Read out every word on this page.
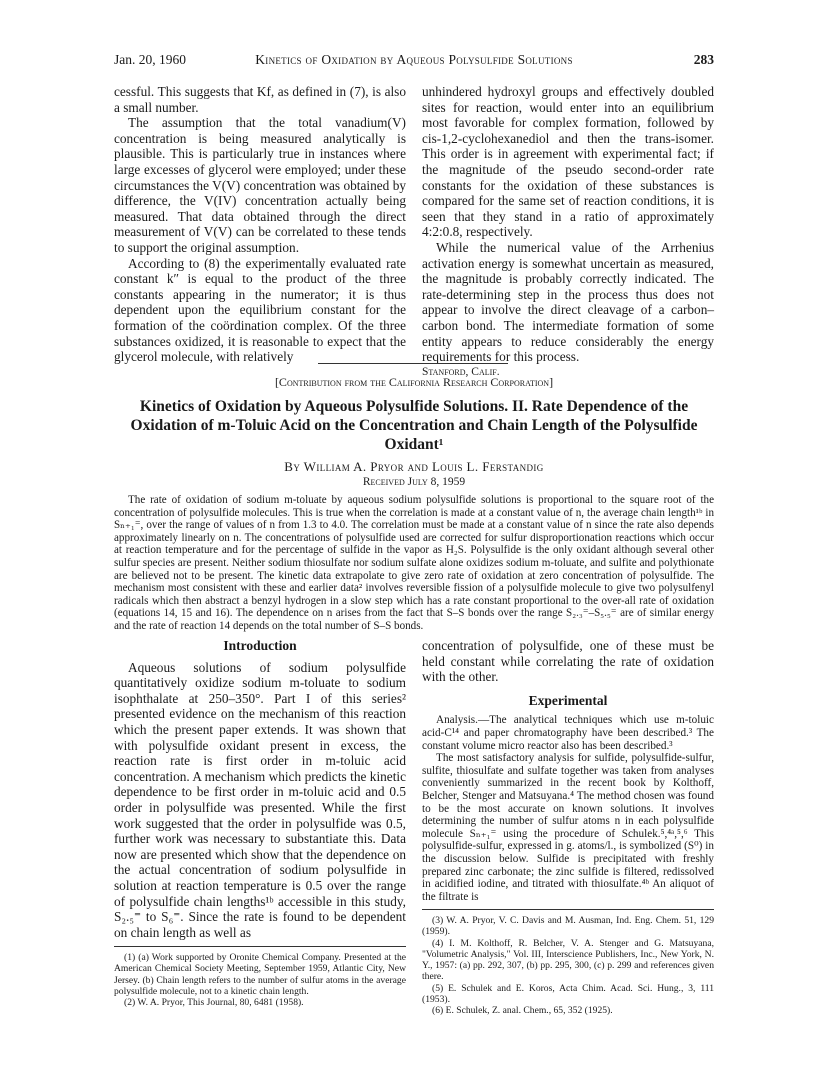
Jan. 20, 1960	Kinetics of Oxidation by Aqueous Polysulfide Solutions	283

cessful. This suggests that Kf, as defined in (7), is also a small number.

The assumption that the total vanadium(V) concentration is being measured analytically is plausible. This is particularly true in instances where large excesses of glycerol were employed; under these circumstances the V(V) concentration was obtained by difference, the V(IV) concentration actually being measured. That data obtained through the direct measurement of V(V) can be correlated to these tends to support the original assumption.

According to (8) the experimentally evaluated rate constant k″ is equal to the product of the three constants appearing in the numerator; it is thus dependent upon the equilibrium constant for the formation of the coördination complex. Of the three substances oxidized, it is reasonable to expect that the glycerol molecule, with relatively

unhindered hydroxyl groups and effectively doubled sites for reaction, would enter into an equilibrium most favorable for complex formation, followed by cis-1,2-cyclohexanediol and then the trans-isomer. This order is in agreement with experimental fact; if the magnitude of the pseudo second-order rate constants for the oxidation of these substances is compared for the same set of reaction conditions, it is seen that they stand in a ratio of approximately 4:2:0.8, respectively.

While the numerical value of the Arrhenius activation energy is somewhat uncertain as measured, the magnitude is probably correctly indicated. The rate-determining step in the process thus does not appear to involve the direct cleavage of a carbon–carbon bond. The intermediate formation of some entity appears to reduce considerably the energy requirements for this process.

Stanford, Calif.
[Contribution from the California Research Corporation]
Kinetics of Oxidation by Aqueous Polysulfide Solutions. II. Rate Dependence of the Oxidation of m-Toluic Acid on the Concentration and Chain Length of the Polysulfide Oxidant¹
By William A. Pryor and Louis L. Ferstandig
Received July 8, 1959

The rate of oxidation of sodium m-toluate by aqueous sodium polysulfide solutions is proportional to the square root of the concentration of polysulfide molecules. This is true when the correlation is made at a constant value of n, the average chain length¹ᵇ in Sₙ₊₁⁼, over the range of values of n from 1.3 to 4.0. The correlation must be made at a constant value of n since the rate also depends approximately linearly on n. The concentrations of polysulfide used are corrected for sulfur disproportionation reactions which occur at reaction temperature and for the percentage of sulfide in the vapor as H₂S. Polysulfide is the only oxidant although several other sulfur species are present. Neither sodium thiosulfate nor sodium sulfate alone oxidizes sodium m-toluate, and sulfite and polythionate are believed not to be present. The kinetic data extrapolate to give zero rate of oxidation at zero concentration of polysulfide. The mechanism most consistent with these and earlier data² involves reversible fission of a polysulfide molecule to give two polysulfenyl radicals which then abstract a benzyl hydrogen in a slow step which has a rate constant proportional to the over-all rate of oxidation (equations 14, 15 and 16). The dependence on n arises from the fact that S–S bonds over the range S₂.₃⁼–S₅.₅⁼ are of similar energy and the rate of reaction 14 depends on the total number of S–S bonds.

Introduction

Aqueous solutions of sodium polysulfide quantitatively oxidize sodium m-toluate to sodium isophthalate at 250–350°. Part I of this series² presented evidence on the mechanism of this reaction which the present paper extends. It was shown that with polysulfide oxidant present in excess, the reaction rate is first order in m-toluic acid concentration. A mechanism which predicts the kinetic dependence to be first order in m-toluic acid and 0.5 order in polysulfide was presented. While the first work suggested that the order in polysulfide was 0.5, further work was necessary to substantiate this. Data now are presented which show that the dependence on the actual concentration of sodium polysulfide in solution at reaction temperature is 0.5 over the range of polysulfide chain lengths¹ᵇ accessible in this study, S₂.₅⁼ to S₆⁼. Since the rate is found to be dependent on chain length as well as

(1) (a) Work supported by Oronite Chemical Company. Presented at the American Chemical Society Meeting, September 1959, Atlantic City, New Jersey. (b) Chain length refers to the number of sulfur atoms in the average polysulfide molecule, not to a kinetic chain length.

(2) W. A. Pryor, This Journal, 80, 6481 (1958).

concentration of polysulfide, one of these must be held constant while correlating the rate of oxidation with the other.

Experimental

Analysis.—The analytical techniques which use m-toluic acid-C¹⁴ and paper chromatography have been described.³ The constant volume micro reactor also has been described.³

The most satisfactory analysis for sulfide, polysulfide-sulfur, sulfite, thiosulfate and sulfate together was taken from analyses conveniently summarized in the recent book by Kolthoff, Belcher, Stenger and Matsuyana.⁴ The method chosen was found to be the most accurate on known solutions. It involves determining the number of sulfur atoms n in each polysulfide molecule Sₙ₊₁⁼ using the procedure of Schulek.⁵,⁴ᵃ,⁵,⁶ This polysulfide-sulfur, expressed in g. atoms/l., is symbolized (S⁰) in the discussion below. Sulfide is precipitated with freshly prepared zinc carbonate; the zinc sulfide is filtered, redissolved in acidified iodine, and titrated with thiosulfate.⁴ᵇ An aliquot of the filtrate is

(3) W. A. Pryor, V. C. Davis and M. Ausman, Ind. Eng. Chem. 51, 129 (1959).

(4) I. M. Kolthoff, R. Belcher, V. A. Stenger and G. Matsuyana, "Volumetric Analysis," Vol. III, Interscience Publishers, Inc., New York, N. Y., 1957: (a) pp. 292, 307, (b) pp. 295, 300, (c) p. 299 and references given there.

(5) E. Schulek and E. Koros, Acta Chim. Acad. Sci. Hung., 3, 111 (1953).

(6) E. Schulek, Z. anal. Chem., 65, 352 (1925).
